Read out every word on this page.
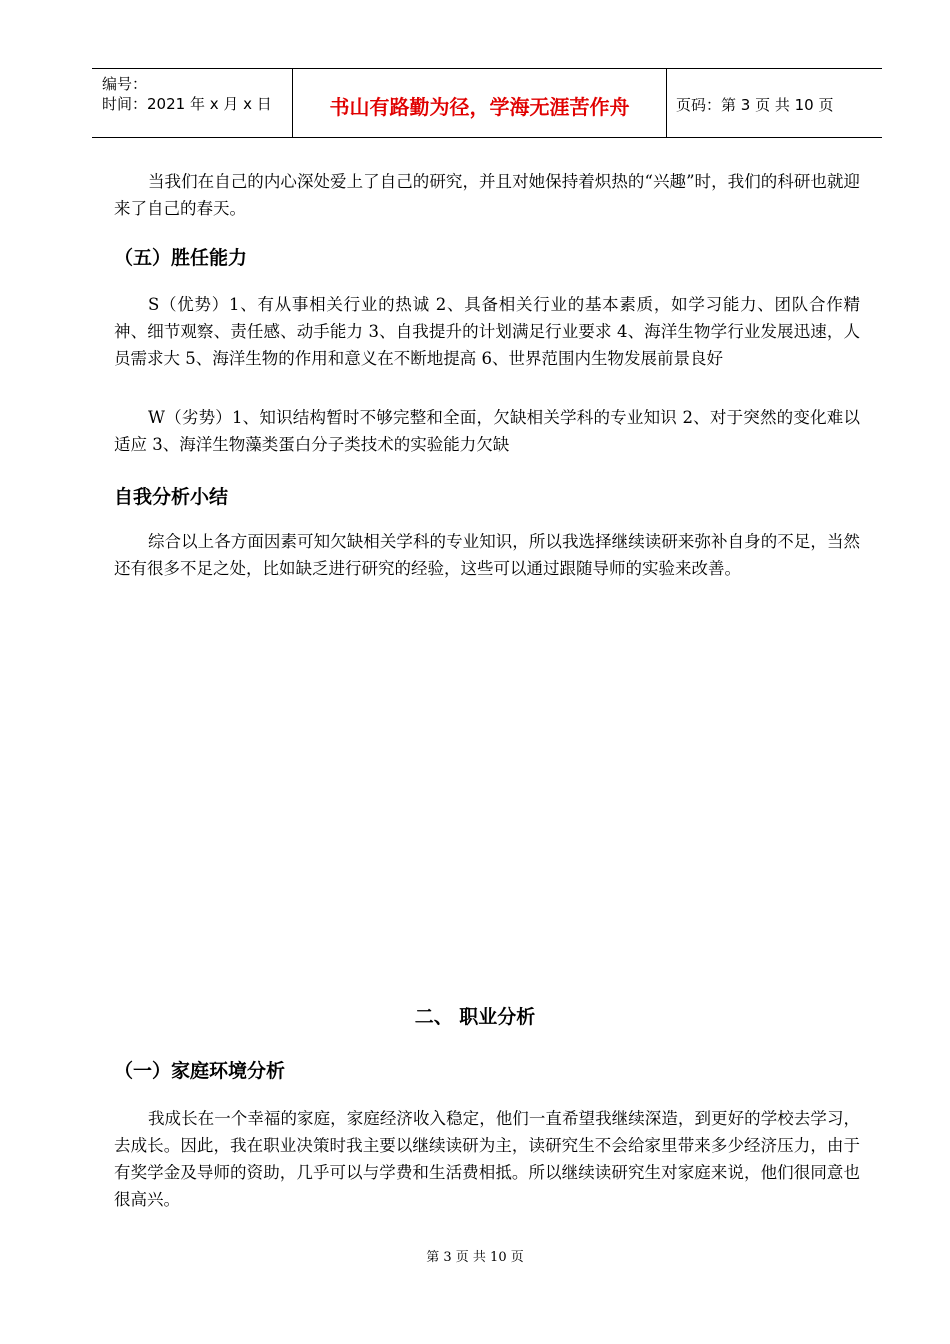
编号：
时间：2021 年 x 月 x 日	书山有路勤为径，学海无涯苦作舟	页码：第 3 页 共 10 页

当我们在自己的内心深处爱上了自己的研究，并且对她保持着炽热的“兴趣”时，我们的科研也就迎来了自己的春天。

（五）胜任能力

S（优势）1、有从事相关行业的热诚 2、具备相关行业的基本素质，如学习能力、团队合作精神、细节观察、责任感、动手能力 3、自我提升的计划满足行业要求 4、海洋生物学行业发展迅速，人员需求大 5、海洋生物的作用和意义在不断地提高 6、世界范围内生物发展前景良好

W（劣势）1、知识结构暂时不够完整和全面，欠缺相关学科的专业知识 2、对于突然的变化难以适应 3、海洋生物藻类蛋白分子类技术的实验能力欠缺

自我分析小结

综合以上各方面因素可知欠缺相关学科的专业知识，所以我选择继续读研来弥补自身的不足，当然还有很多不足之处，比如缺乏进行研究的经验，这些可以通过跟随导师的实验来改善。

二、 职业分析
（一）家庭环境分析

我成长在一个幸福的家庭，家庭经济收入稳定，他们一直希望我继续深造，到更好的学校去学习，去成长。因此，我在职业决策时我主要以继续读研为主，读研究生不会给家里带来多少经济压力，由于有奖学金及导师的资助，几乎可以与学费和生活费相抵。所以继续读研究生对家庭来说，他们很同意也很高兴。

第 3 页 共 10 页
